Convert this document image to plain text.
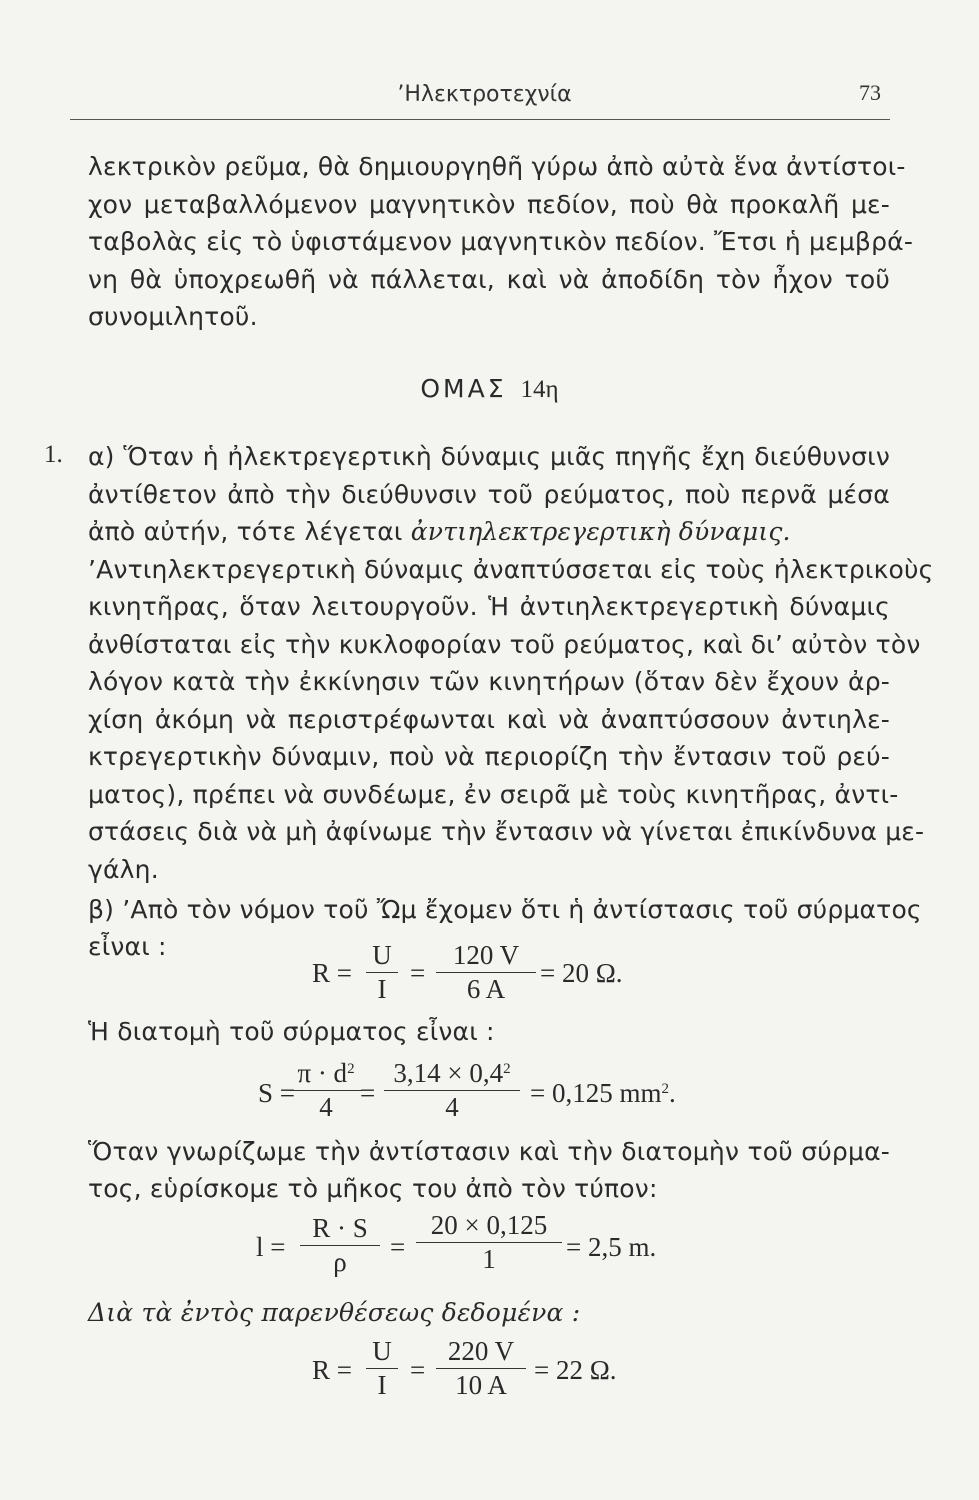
’Ηλεκτροτεχνία	73
λεκτρικὸν ρεῦμα, θὰ δημιουργηθῆ γύρω ἀπὸ αὐτὰ ἕνα ἀντίστοι-
χον μεταβαλλόμενον μαγνητικὸν πεδίον, ποὺ θὰ προκαλῆ με-
ταβολὰς εἰς τὸ ὑφιστάμενον μαγνητικὸν πεδίον. Ἔτσι ἡ μεμβρά-
νη θὰ ὑποχρεωθῆ νὰ πάλλεται, καὶ νὰ ἀποδίδη τὸν ἦχον τοῦ
συνομιλητοῦ.
ΟΜΑΣ 14η
1. α) Ὅταν ἡ ἠλεκτρεγερτικὴ δύναμις μιᾶς πηγῆς ἔχη διεύθυνσιν
ἀντίθετον ἀπὸ τὴν διεύθυνσιν τοῦ ρεύματος, ποὺ περνᾶ μέσα
ἀπὸ αὐτήν, τότε λέγεται ἀντιηλεκτρεγερτικὴ δύναμις.
’Αντιηλεκτρεγερτικὴ δύναμις ἀναπτύσσεται εἰς τοὺς ἠλεκτρικοὺς
κινητῆρας, ὅταν λειτουργοῦν. Ἡ ἀντιηλεκτρεγερτικὴ δύναμις
ἀνθίσταται εἰς τὴν κυκλοφορίαν τοῦ ρεύματος, καὶ δι’ αὐτὸν τὸν
λόγον κατὰ τὴν ἐκκίνησιν τῶν κινητήρων (ὅταν δὲν ἔχουν ἀρ-
χίση ἀκόμη νὰ περιστρέφωνται καὶ νὰ ἀναπτύσσουν ἀντιηλε-
κτρεγερτικὴν δύναμιν, ποὺ νὰ περιορίζη τὴν ἔντασιν τοῦ ρεύ-
ματος), πρέπει νὰ συνδέωμε, ἐν σειρᾶ μὲ τοὺς κινητῆρας, ἀντι-
στάσεις διὰ νὰ μὴ ἀφίνωμε τὴν ἔντασιν νὰ γίνεται ἐπικίνδυνα με-
γάλη.
β) ’Απὸ τὸν νόμον τοῦ Ὤμ ἔχομεν ὅτι ἡ ἀντίστασις τοῦ σύρματος
εἶναι :
R =
U
I
=
120 V
6 A
= 20 Ω.
Ἡ διατομὴ τοῦ σύρματος εἶναι :
S =
$\pi \cdot d^2$
4	=
$3,14 \times 0,4^2$
4	= 0,125 $mm^2$.
Ὅταν γνωρίζωμε τὴν ἀντίστασιν καὶ τὴν διατομὴν τοῦ σύρμα-
τος, εὑρίσκομε τὸ μῆκος του ἀπὸ τὸν τύπον:
l =
R · S
ρ	=
20 × 0,125
1	= 2,5 m.
Διὰ τὰ ἐντὸς παρενθέσεως δεδομένα :
R =
U
I =
220 V
10 A	= 22 Ω.
